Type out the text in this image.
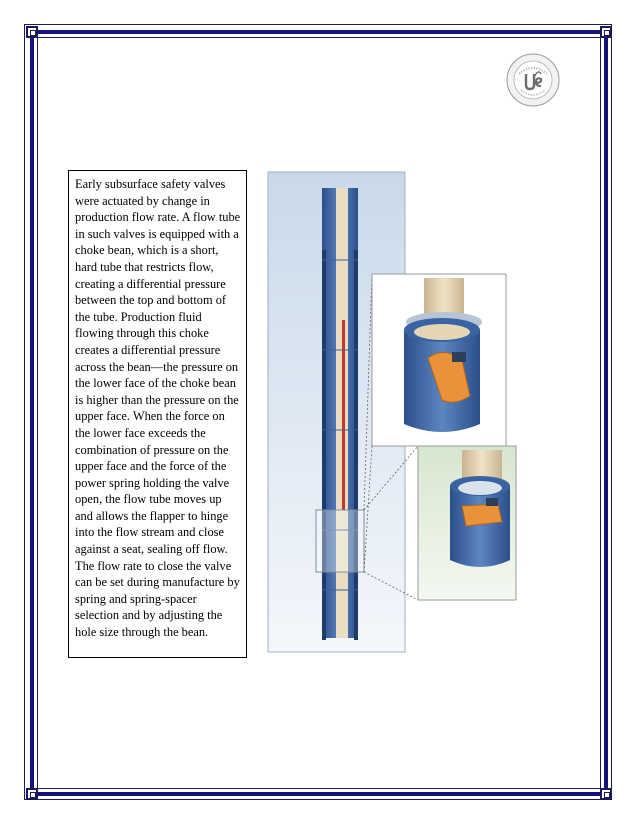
Early subsurface safety valves were actuated by change in production flow rate. A flow tube in such valves is equipped with a choke bean, which is a short, hard tube that restricts flow, creating a differential pressure between the top and bottom of the tube. Production fluid flowing through this choke creates a differential pressure across the bean—the pressure on the lower face of the choke bean is higher than the pressure on the upper face. When the force on the lower face exceeds the combination of pressure on the upper face and the force of the power spring holding the valve open, the flow tube moves up and allows the flapper to hinge into the flow stream and close against a seat, sealing off flow. The flow rate to close the valve can be set during manufacture by spring and spring-spacer selection and by adjusting the hole size through the bean.
